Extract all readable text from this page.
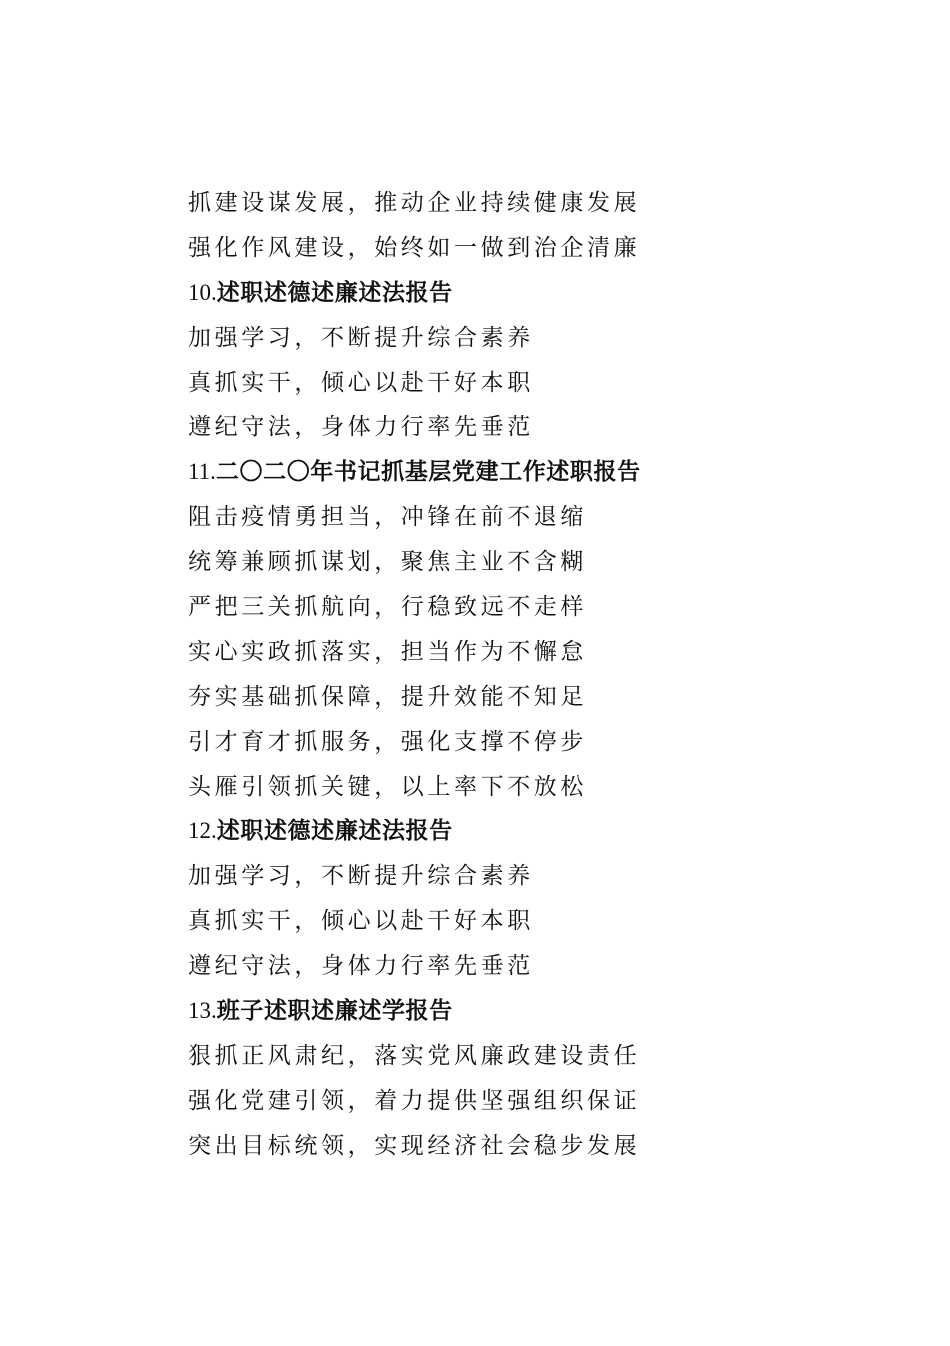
抓建设谋发展，推动企业持续健康发展
强化作风建设，始终如一做到治企清廉
10.述职述德述廉述法报告
加强学习，不断提升综合素养
真抓实干，倾心以赴干好本职
遵纪守法，身体力行率先垂范
11.二〇二〇年书记抓基层党建工作述职报告
阻击疫情勇担当，冲锋在前不退缩
统筹兼顾抓谋划，聚焦主业不含糊
严把三关抓航向，行稳致远不走样
实心实政抓落实，担当作为不懈怠
夯实基础抓保障，提升效能不知足
引才育才抓服务，强化支撑不停步
头雁引领抓关键，以上率下不放松
12.述职述德述廉述法报告
加强学习，不断提升综合素养
真抓实干，倾心以赴干好本职
遵纪守法，身体力行率先垂范
13.班子述职述廉述学报告
狠抓正风肃纪，落实党风廉政建设责任
强化党建引领，着力提供坚强组织保证
突出目标统领，实现经济社会稳步发展
